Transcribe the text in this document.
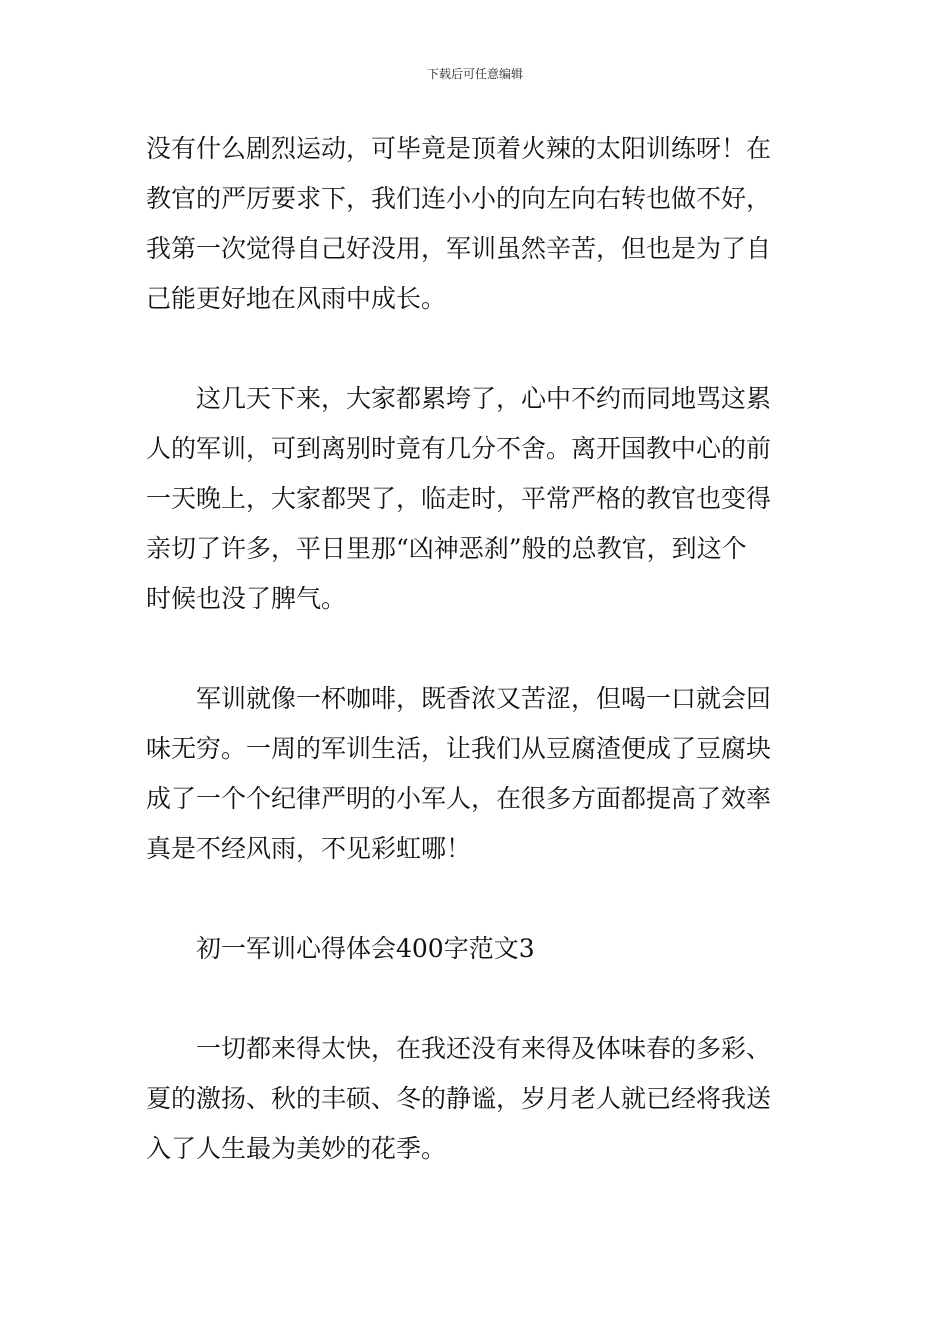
下载后可任意编辑
没有什么剧烈运动，可毕竟是顶着火辣的太阳训练呀！在
教官的严厉要求下，我们连小小的向左向右转也做不好，
我第一次觉得自己好没用，军训虽然辛苦，但也是为了自
己能更好地在风雨中成长。
这几天下来，大家都累垮了，心中不约而同地骂这累
人的军训，可到离别时竟有几分不舍。离开国教中心的前
一天晚上，大家都哭了，临走时，平常严格的教官也变得
亲切了许多，平日里那“凶神恶刹”般的总教官，到这个
时候也没了脾气。
军训就像一杯咖啡，既香浓又苦涩，但喝一口就会回
味无穷。一周的军训生活，让我们从豆腐渣便成了豆腐块
成了一个个纪律严明的小军人，在很多方面都提高了效率
真是不经风雨，不见彩虹哪！
初一军训心得体会400字范文3
一切都来得太快，在我还没有来得及体味春的多彩、
夏的激扬、秋的丰硕、冬的静谧，岁月老人就已经将我送
入了人生最为美妙的花季。
